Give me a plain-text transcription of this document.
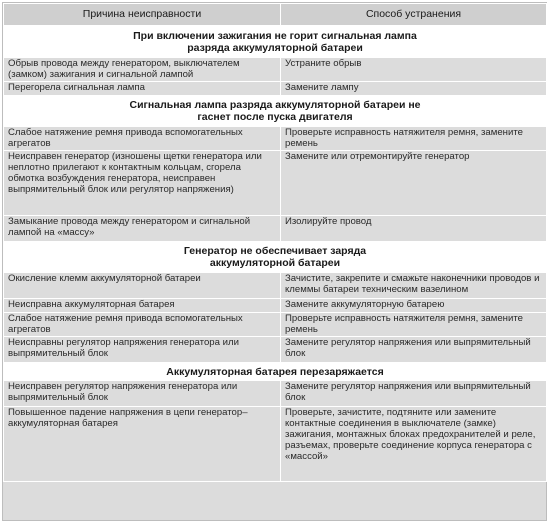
Причина неисправности	Способ устранения
При включении зажигания не горит сигнальная лампа разряда аккумуляторной батареи	
Обрыв провода между генератором, выключателем (замком) зажигания и сигнальной лампой	Устраните обрыв
Перегорела сигнальная лампа	Замените лампу
Сигнальная лампа разряда аккумуляторной батареи не гаснет после пуска двигателя	
Слабое натяжение ремня привода вспомогательных агрегатов	Проверьте исправность натяжителя ремня, замените ремень
Неисправен генератор (изношены щетки генератора или неплотно прилегают к контактным кольцам, сгорела обмотка возбуждения генератора, неисправен выпрямительный блок или регулятор напряжения)	Замените или отремонтируйте генератор
Замыкание провода между генератором и сигнальной лампой на «массу»	Изолируйте провод
Генератор не обеспечивает заряда аккумуляторной батареи	
Окисление клемм аккумуляторной батареи	Зачистите, закрепите и смажьте наконечники проводов и клеммы батареи техническим вазелином
Неисправна аккумуляторная батарея	Замените аккумуляторную батарею
Слабое натяжение ремня привода вспомогательных агрегатов	Проверьте исправность натяжителя ремня, замените ремень
Неисправны регулятор напряжения генератора или выпрямительный блок	Замените регулятор напряжения или выпрямительный блок
Аккумуляторная батарея перезаряжается	
Неисправен регулятор напряжения генератора или выпрямительный блок	Замените регулятор напряжения или выпрямительный блок
Повышенное падение напряжения в цепи генератор–аккумуляторная батарея	Проверьте, зачистите, подтяните или замените контактные соединения в выключателе (замке) зажигания, монтажных блоках предохранителей и реле, разъемах, проверьте соединение корпуса генератора с «массой»
